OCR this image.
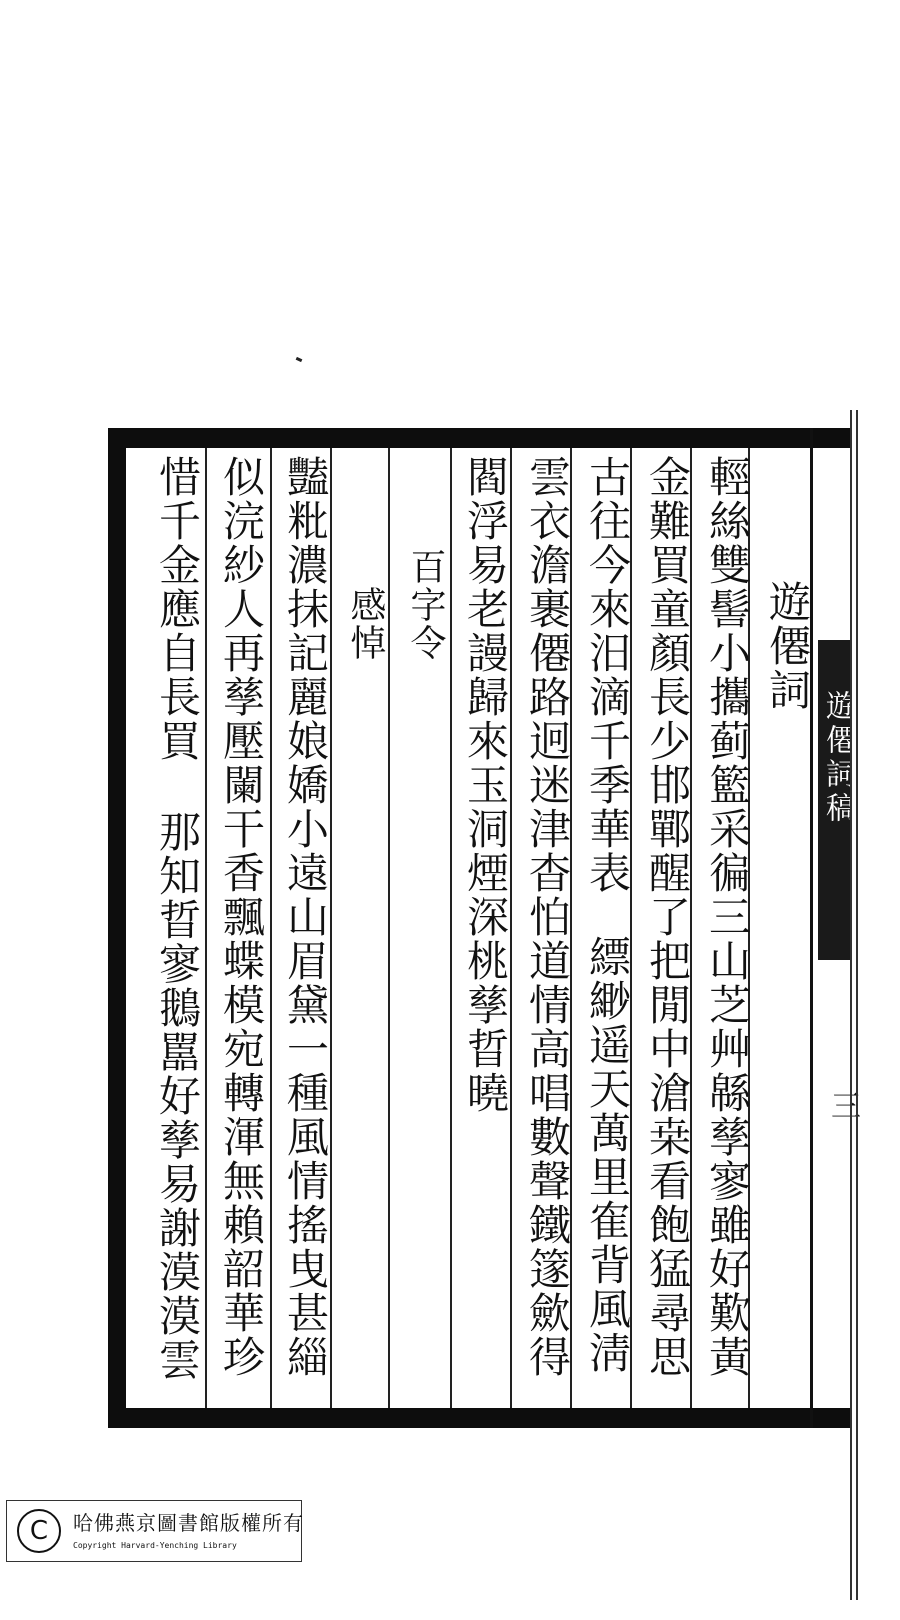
遊僊詞稿
三
遊僊詞
輕絲雙髻小攜蓟籃采徧三山芝艸緜孳寥雖好歎黃
金難買童顏長少邯鄲醒了把閒中滄桒看飽猛尋思
古往今來汨滴千季華表
縹緲遥天萬里隺背風淸
雲衣澹裹僊路迥迷津杳怕道情高唱數聲鐵篴歛得
閻浮易老謾歸來玉洞煙深桃孳晢曉
百字令
感悼
豔粃濃抹記麗娘嬌小遠山眉黛一種風情搖曳甚緇
似浣紗人再孳壓闌干香飄蝶模宛轉渾無賴韶華珍
惜千金應自長買
那知晢寥鵝嚚好孳易謝漠漠雲
C	哈佛燕京圖書館版權所有
Copyright Harvard-Yenching Library
